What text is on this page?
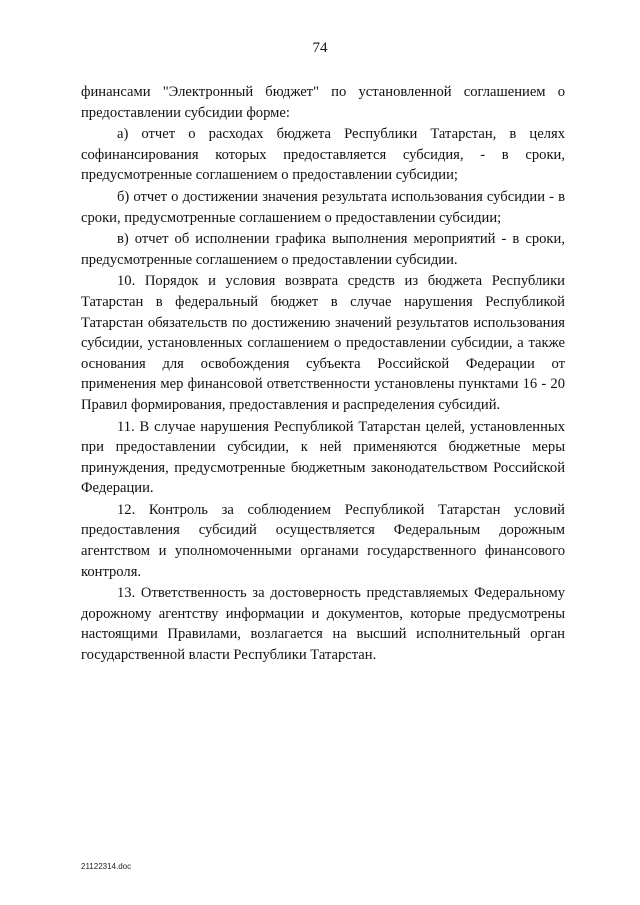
74

финансами "Электронный бюджет" по установленной соглашением о предоставлении субсидии форме:

а) отчет о расходах бюджета Республики Татарстан, в целях софинансирования которых предоставляется субсидия, - в сроки, предусмотренные соглашением о предоставлении субсидии;

б) отчет о достижении значения результата использования субсидии - в сроки, предусмотренные соглашением о предоставлении субсидии;

в) отчет об исполнении графика выполнения мероприятий - в сроки, предусмотренные соглашением о предоставлении субсидии.

10. Порядок и условия возврата средств из бюджета Республики Татарстан в федеральный бюджет в случае нарушения Республикой Татарстан обязательств по достижению значений результатов использования субсидии, установленных соглашением о предоставлении субсидии, а также основания для освобождения субъекта Российской Федерации от применения мер финансовой ответственности установлены пунктами 16 - 20 Правил формирования, предоставления и распределения субсидий.

11. В случае нарушения Республикой Татарстан целей, установленных при предоставлении субсидии, к ней применяются бюджетные меры принуждения, предусмотренные бюджетным законодательством Российской Федерации.

12. Контроль за соблюдением Республикой Татарстан условий предоставления субсидий осуществляется Федеральным дорожным агентством и уполномоченными органами государственного финансового контроля.

13. Ответственность за достоверность представляемых Федеральному дорожному агентству информации и документов, которые предусмотрены настоящими Правилами, возлагается на высший исполнительный орган государственной власти Республики Татарстан.

21122314.doc
